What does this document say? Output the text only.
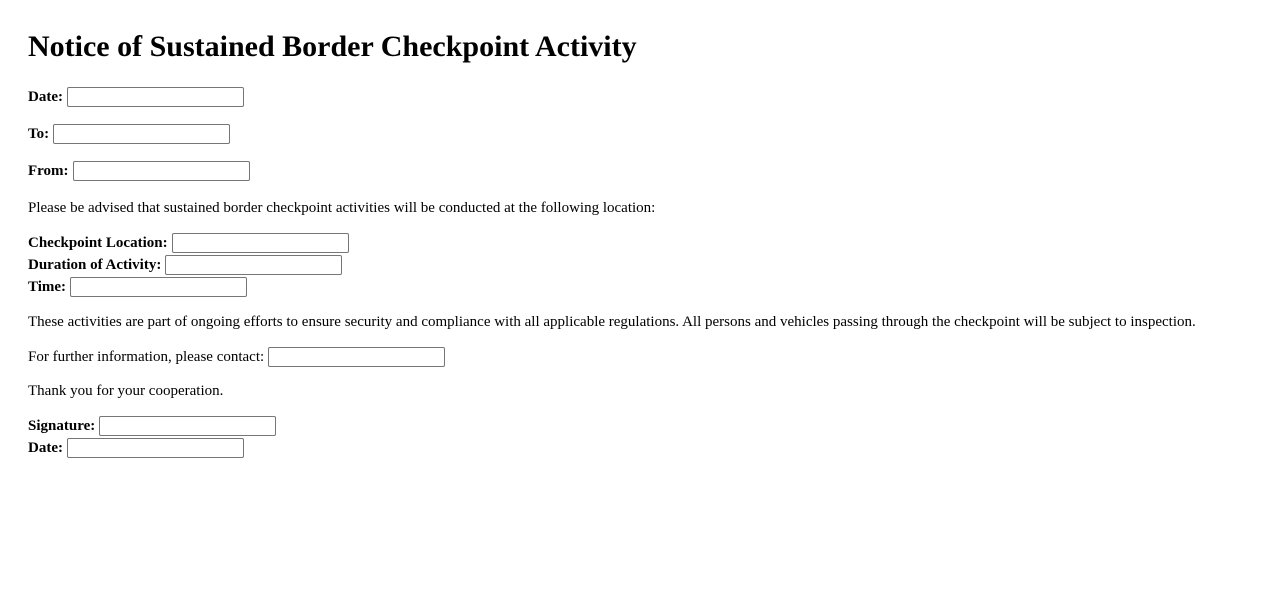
Notice of Sustained Border Checkpoint Activity
Date:
To:
From:

Please be advised that sustained border checkpoint activities will be conducted at the following location:

Checkpoint Location:
Duration of Activity:
Time:

These activities are part of ongoing efforts to ensure security and compliance with all applicable regulations. All persons and vehicles passing through the checkpoint will be subject to inspection.

For further information, please contact:

Thank you for your cooperation.

Signature:
Date:
